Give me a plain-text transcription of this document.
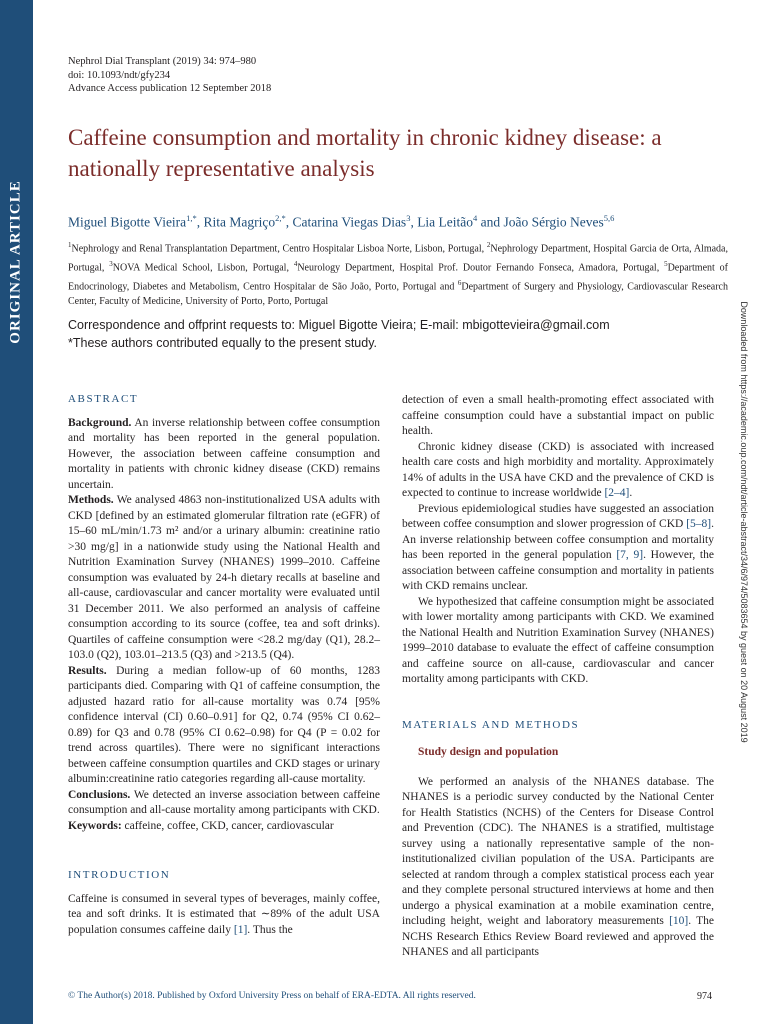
ORIGINAL ARTICLE
Nephrol Dial Transplant (2019) 34: 974–980
doi: 10.1093/ndt/gfy234
Advance Access publication 12 September 2018
Caffeine consumption and mortality in chronic kidney disease: a nationally representative analysis
Miguel Bigotte Vieira$^{1,*}$, Rita Magriço$^{2,*}$, Catarina Viegas Dias$^3$, Lia Leitão$^4$ and João Sérgio Neves$^{5,6}$
$^1$Nephrology and Renal Transplantation Department, Centro Hospitalar Lisboa Norte, Lisbon, Portugal, $^2$Nephrology Department, Hospital Garcia de Orta, Almada, Portugal, $^3$NOVA Medical School, Lisbon, Portugal, $^4$Neurology Department, Hospital Prof. Doutor Fernando Fonseca, Amadora, Portugal, $^5$Department of Endocrinology, Diabetes and Metabolism, Centro Hospitalar de São João, Porto, Portugal and $^6$Department of Surgery and Physiology, Cardiovascular Research Center, Faculty of Medicine, University of Porto, Porto, Portugal
Correspondence and offprint requests to: Miguel Bigotte Vieira; E-mail: mbigottevieira@gmail.com
*These authors contributed equally to the present study.
ABSTRACT

Background. An inverse relationship between coffee consumption and mortality has been reported in the general population. However, the association between caffeine consumption and mortality in patients with chronic kidney disease (CKD) remains uncertain.

Methods. We analysed 4863 non-institutionalized USA adults with CKD [defined by an estimated glomerular filtration rate (eGFR) of 15–60 mL/min/1.73 m² and/or a urinary albumin: creatinine ratio >30 mg/g] in a nationwide study using the National Health and Nutrition Examination Survey (NHANES) 1999–2010. Caffeine consumption was evaluated by 24-h dietary recalls at baseline and all-cause, cardiovascular and cancer mortality were evaluated until 31 December 2011. We also performed an analysis of caffeine consumption according to its source (coffee, tea and soft drinks). Quartiles of caffeine consumption were <28.2 mg/day (Q1), 28.2–103.0 (Q2), 103.01–213.5 (Q3) and >213.5 (Q4).

Results. During a median follow-up of 60 months, 1283 participants died. Comparing with Q1 of caffeine consumption, the adjusted hazard ratio for all-cause mortality was 0.74 [95% confidence interval (CI) 0.60–0.91] for Q2, 0.74 (95% CI 0.62–0.89) for Q3 and 0.78 (95% CI 0.62–0.98) for Q4 (P = 0.02 for trend across quartiles). There were no significant interactions between caffeine consumption quartiles and CKD stages or urinary albumin:creatinine ratio categories regarding all-cause mortality.

Conclusions. We detected an inverse association between caffeine consumption and all-cause mortality among participants with CKD.

Keywords: caffeine, coffee, CKD, cancer, cardiovascular

INTRODUCTION

Caffeine is consumed in several types of beverages, mainly coffee, tea and soft drinks. It is estimated that ∼89% of the adult USA population consumes caffeine daily [1]. Thus the

detection of even a small health-promoting effect associated with caffeine consumption could have a substantial impact on public health.

Chronic kidney disease (CKD) is associated with increased health care costs and high morbidity and mortality. Approximately 14% of adults in the USA have CKD and the prevalence of CKD is expected to continue to increase worldwide [2–4].

Previous epidemiological studies have suggested an association between coffee consumption and slower progression of CKD [5–8]. An inverse relationship between coffee consumption and mortality has been reported in the general population [7, 9]. However, the association between caffeine consumption and mortality in patients with CKD remains unclear.

We hypothesized that caffeine consumption might be associated with lower mortality among participants with CKD. We examined the National Health and Nutrition Examination Survey (NHANES) 1999–2010 database to evaluate the effect of caffeine consumption and caffeine source on all-cause, cardiovascular and cancer mortality among participants with CKD.

MATERIALS AND METHODS
Study design and population

We performed an analysis of the NHANES database. The NHANES is a periodic survey conducted by the National Center for Health Statistics (NCHS) of the Centers for Disease Control and Prevention (CDC). The NHANES is a stratified, multistage survey using a nationally representative sample of the non-institutionalized civilian population of the USA. Participants are selected at random through a complex statistical process each year and they complete personal structured interviews at home and then undergo a physical examination at a mobile examination centre, including height, weight and laboratory measurements [10]. The NCHS Research Ethics Review Board reviewed and approved the NHANES and all participants

© The Author(s) 2018. Published by Oxford University Press on behalf of ERA-EDTA. All rights reserved.	974
Downloaded from https://academic.oup.com/ndt/article-abstract/34/6/974/5083654 by guest on 20 August 2019
